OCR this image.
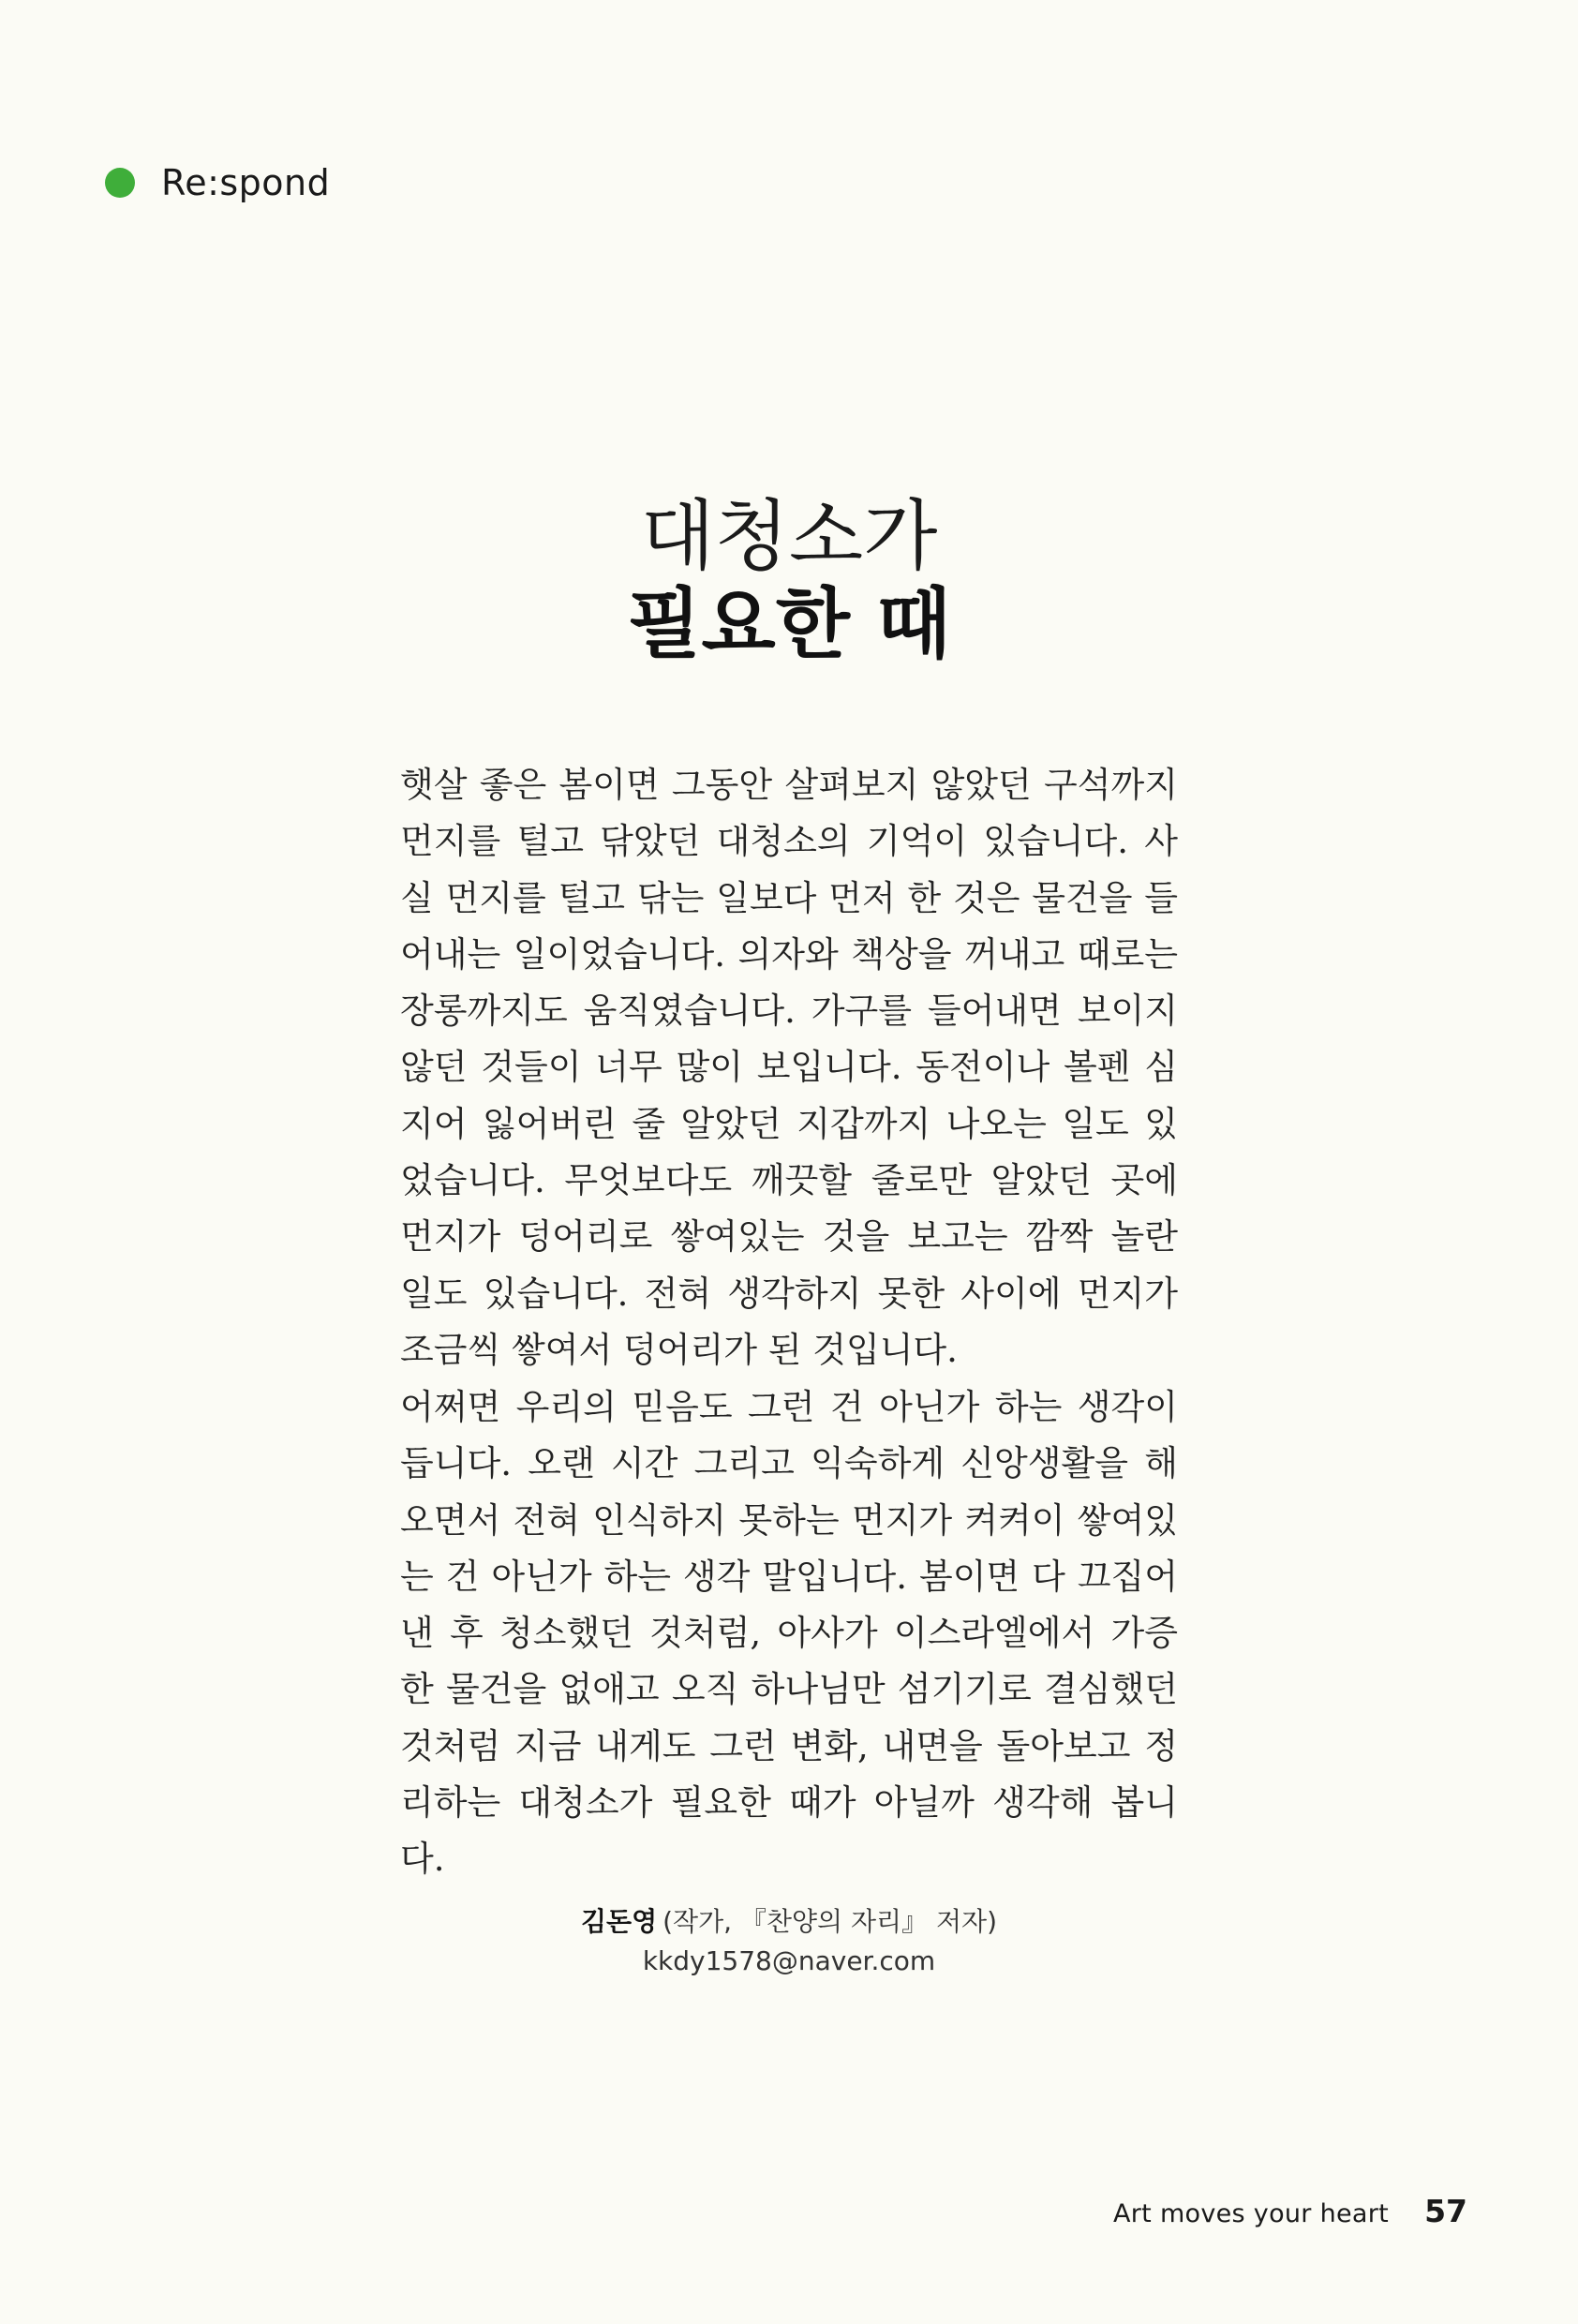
Re:spond
대청소가
필요한 때

햇살 좋은 봄이면 그동안 살펴보지 않았던 구석까지 먼지를 털고 닦았던 대청소의 기억이 있습니다. 사실 먼지를 털고 닦는 일보다 먼저 한 것은 물건을 들어내는 일이었습니다. 의자와 책상을 꺼내고 때로는 장롱까지도 움직였습니다. 가구를 들어내면 보이지 않던 것들이 너무 많이 보입니다. 동전이나 볼펜 심지어 잃어버린 줄 알았던 지갑까지 나오는 일도 있었습니다. 무엇보다도 깨끗할 줄로만 알았던 곳에 먼지가 덩어리로 쌓여있는 것을 보고는 깜짝 놀란 일도 있습니다. 전혀 생각하지 못한 사이에 먼지가 조금씩 쌓여서 덩어리가 된 것입니다.

어쩌면 우리의 믿음도 그런 건 아닌가 하는 생각이 듭니다. 오랜 시간 그리고 익숙하게 신앙생활을 해 오면서 전혀 인식하지 못하는 먼지가 켜켜이 쌓여있는 건 아닌가 하는 생각 말입니다. 봄이면 다 끄집어낸 후 청소했던 것처럼, 아사가 이스라엘에서 가증한 물건을 없애고 오직 하나님만 섬기기로 결심했던 것처럼 지금 내게도 그런 변화, 내면을 돌아보고 정리하는 대청소가 필요한 때가 아닐까 생각해 봅니다.

김돈영 (작가, 『찬양의 자리』 저자)
kkdy1578@naver.com
Art moves your heart 57
